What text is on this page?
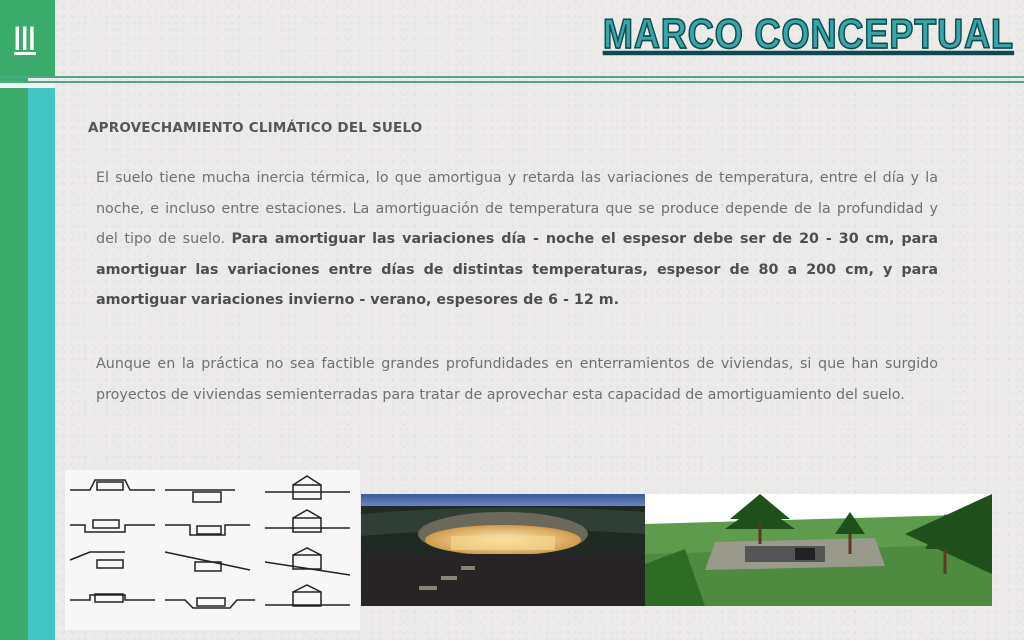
III	MARCO CONCEPTUAL
APROVECHAMIENTO CLIMÁTICO DEL SUELO

El suelo tiene mucha inercia térmica, lo que amortigua y retarda las variaciones de temperatura, entre el día y la noche, e incluso entre estaciones. La amortiguación de temperatura que se produce depende de la profundidad y del tipo de suelo. Para amortiguar las variaciones día - noche el espesor debe ser de 20 - 30 cm, para amortiguar las variaciones entre días de distintas temperaturas, espesor de 80 a 200 cm, y para amortiguar variaciones invierno - verano, espesores de 6 - 12 m.

Aunque en la práctica no sea factible grandes profundidades en enterramientos de viviendas, si que han surgido proyectos de viviendas semienterradas para tratar de aprovechar esta capacidad de amortiguamiento del suelo.
